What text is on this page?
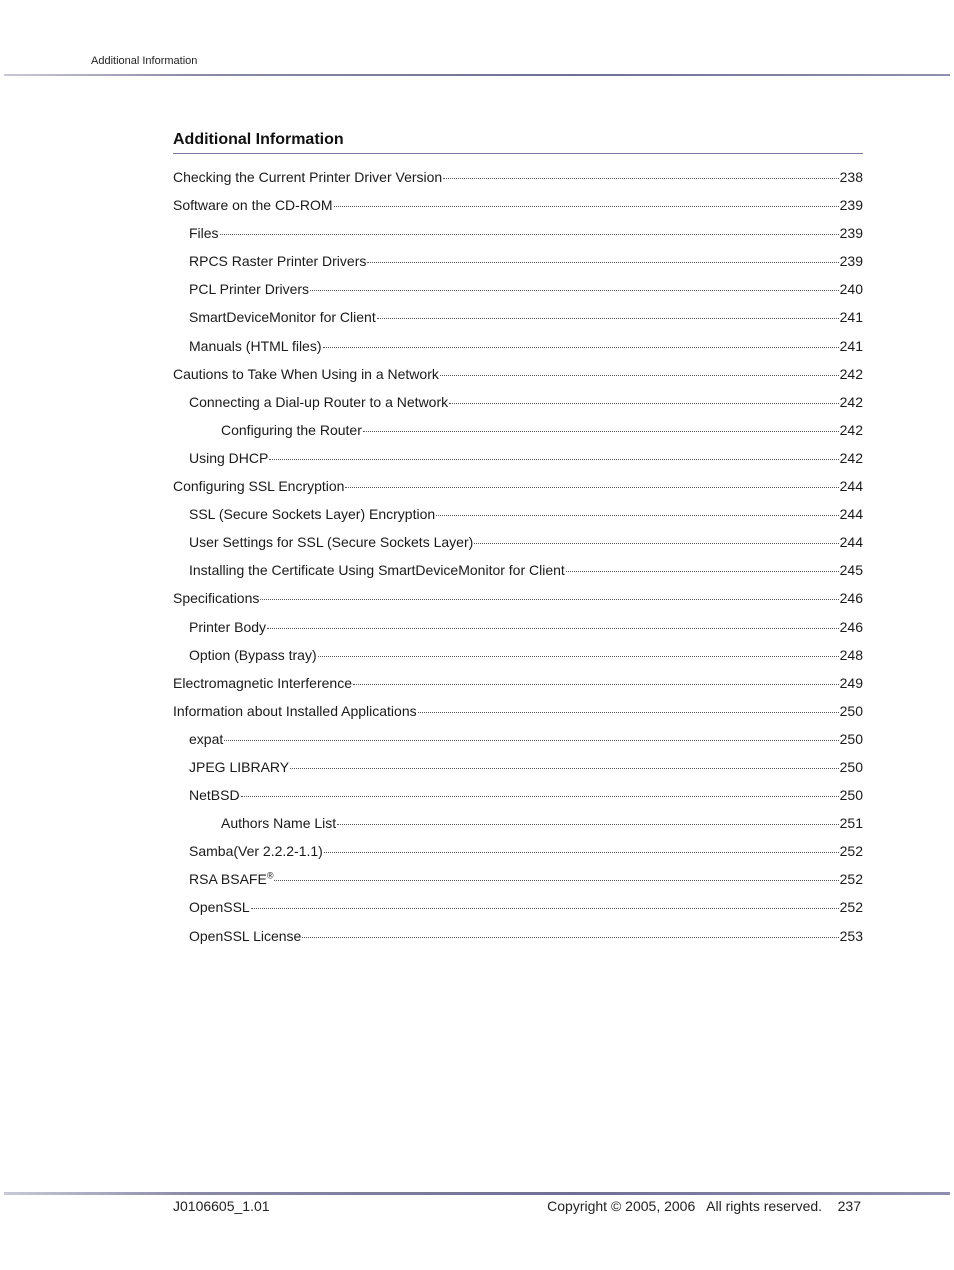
Additional Information
Additional Information
Checking the Current Printer Driver Version	238
Software on the CD-ROM	239
Files	239
RPCS Raster Printer Drivers	239
PCL Printer Drivers	240
SmartDeviceMonitor for Client	241
Manuals (HTML files)	241
Cautions to Take When Using in a Network	242
Connecting a Dial-up Router to a Network	242
Configuring the Router	242
Using DHCP	242
Configuring SSL Encryption	244
SSL (Secure Sockets Layer) Encryption	244
User Settings for SSL (Secure Sockets Layer)	244
Installing the Certificate Using SmartDeviceMonitor for Client	245
Specifications	246
Printer Body	246
Option (Bypass tray)	248
Electromagnetic Interference	249
Information about Installed Applications	250
expat	250
JPEG LIBRARY	250
NetBSD	250
Authors Name List	251
Samba(Ver 2.2.2-1.1)	252
RSA BSAFE®	252
OpenSSL	252
OpenSSL License	253
J0106605_1.01	Copyright © 2005, 2006   All rights reserved. 237
